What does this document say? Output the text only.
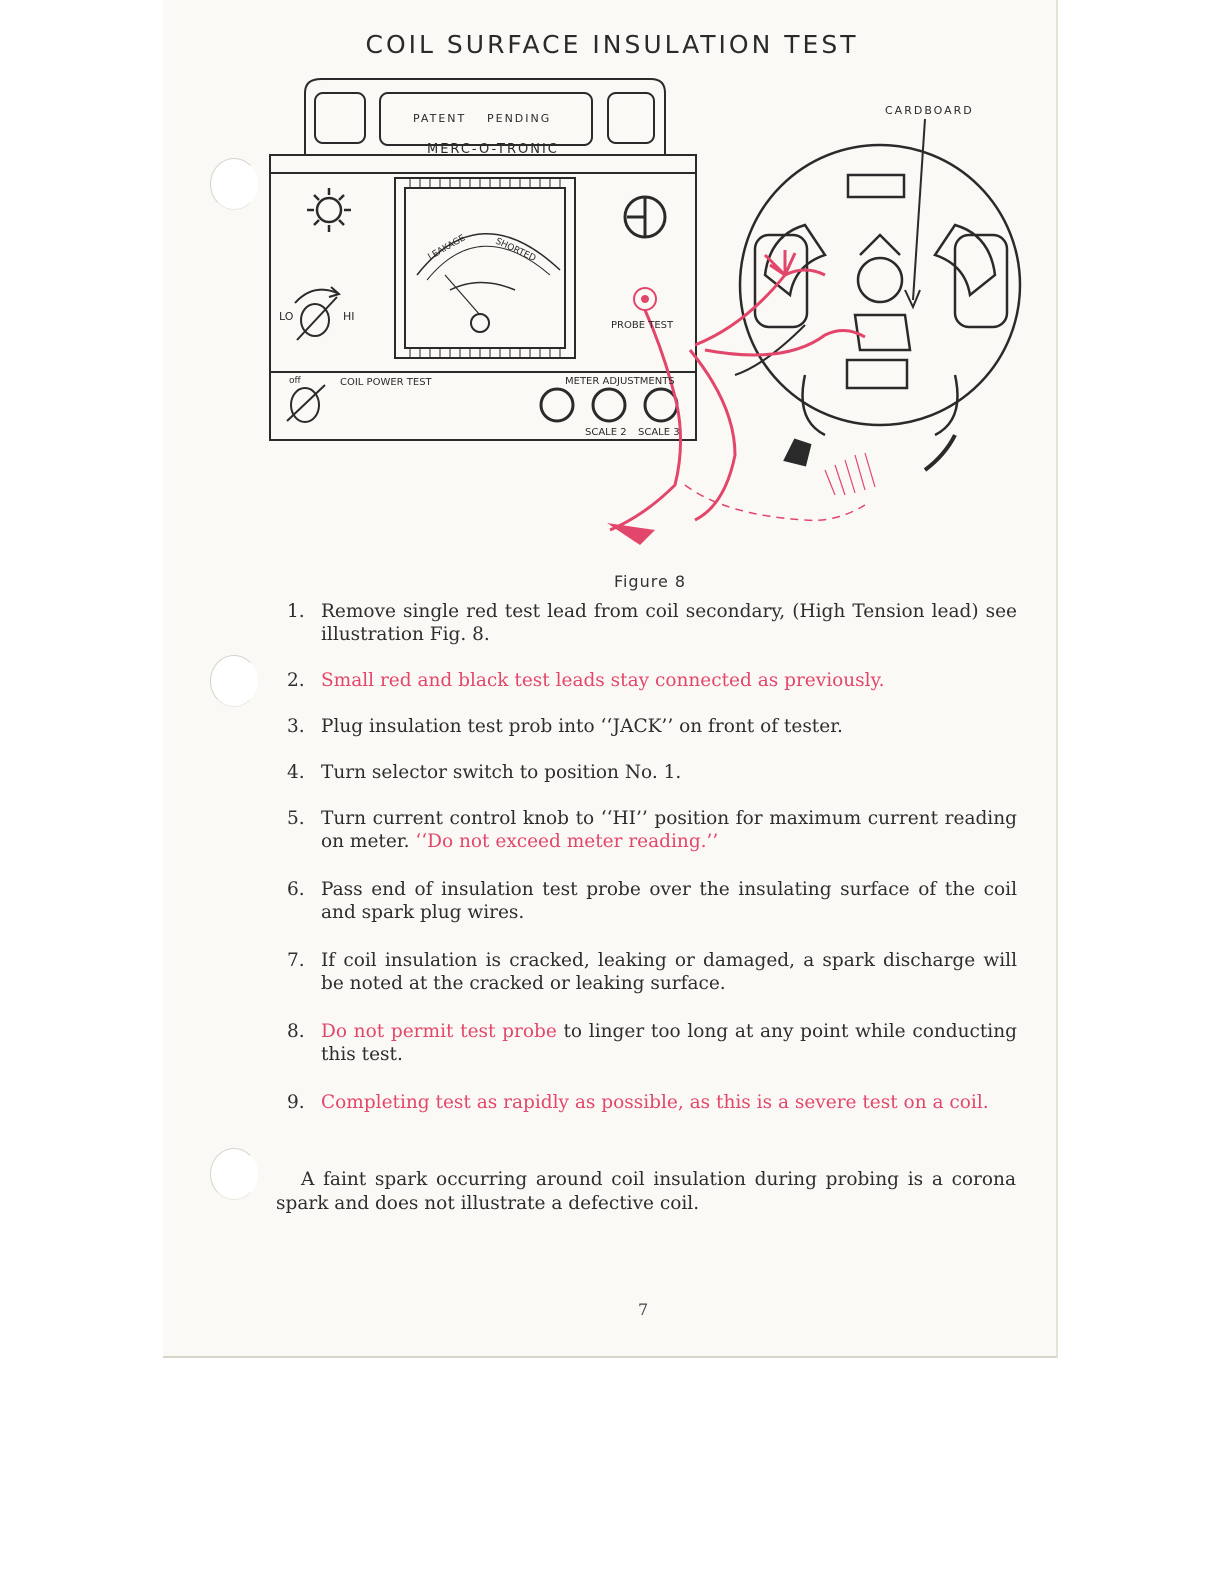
COIL SURFACE INSULATION TEST
PATENT PENDING
MERC-O-TRONIC
CARDBOARD
LO	HI
PROBE TEST
off	COIL POWER TEST	METER ADJUSTMENTS
SCALE 2 SCALE 3
LEAKAGE	SHORTED
Figure 8
1. Remove single red test lead from coil secondary, (High Tension lead) see illustration Fig. 8.
2. Small red and black test leads stay connected as previously.
3. Plug insulation test prob into ‘‘JACK’’ on front of tester.
4. Turn selector switch to position No. 1.
5. Turn current control knob to ‘‘HI’’ position for maximum current reading on meter. ‘‘Do not exceed meter reading.’’
6. Pass end of insulation test probe over the insulating surface of the coil and spark plug wires.
7. If coil insulation is cracked, leaking or damaged, a spark discharge will be noted at the cracked or leaking surface.
8. Do not permit test probe to linger too long at any point while conducting this test.
9. Completing test as rapidly as possible, as this is a severe test on a coil.

A faint spark occurring around coil insulation during probing is a corona spark and does not illustrate a defective coil.

7
